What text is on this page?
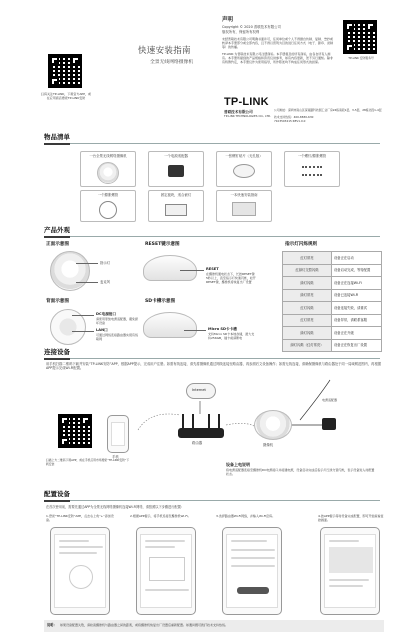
扫码关注TP-LINK，下载官方APP，或在应用商店搜索TP-LINK安防
快速安装指南
全景无线网络摄像机
声明
Copyright © 2020 普联技术有限公司
版权所有，保留所有权利
未经普联技术有限公司明确书面许可，任何单位或个人不得擅自仿制、复制、誊抄或转译本手册部分或全部内容，且不得以营利为目的进行任何方式（电子、影印、录制等）的传播。
TP-LINK 为普联技术有限公司注册商标。本手册提及的所有商标，由各自所有人拥有。本手册所提到的产品规格和资讯仅供参考，如有内容更新，恕不另行通知。除非有特殊约定，本手册仅作为使用指导，所作陈述均不构成任何形式的担保。
TP-LINK 安防服务号
TP-LINK
普联技术有限公司
TP-LINK TECHNOLOGIES CO., LTD.
公司地址：深圳市南山区深南路科技园工业厂房24栋南段1层、3-5层、28栋北段1-4层
技术支持热线：400-8830-630
7103503215 REV1.0.0
物品清单
一台全景无线网络摄像机	一个电源适配器	一张螺钉贴片（无孔版）	一个螺钉/膨胀螺管
一个膨胀螺管	固定板块，适合嵌灯	一本快速安装指南
产品外观
正面示意图
指示灯
麦克风
RESET键示意图
RESET
在摄像机通电状态下，长按RESET键5秒以上，直至指示灯快速闪烁，松开RESET键，摄像机将恢复出厂设置
背面示意图
DC电源接口
请使用原装电源适配器，避免损坏设备
LAN口
可通过网线连接路由器实现有线联网
SD卡槽示意图
Micro SD卡卡槽
支持Micro SD卡本地存储，最大支持256GB，插卡前请断电
指示灯闪烁规则
红灯常亮	设备正在启动
红绿灯交替闪烁	设备启动完成，等待配置
绿灯闪烁	设备正在连接Wi-Fi
绿灯常亮	设备已连接Wi-Fi
红灯闪烁	设备连接失败，请重试
红灯常亮	设备异常，请联系客服
绿灯闪烁	设备正在升级
绿灯闪烁（红灯常亮）	设备正在恢复出厂设置
连接设备
用手机扫描二维码下载并安装“TP-LINK安防”APP，根据APP提示，完成用户注册。如需有线连接，请先将摄像机通过网线连接至路由器，再参照后文设备操作；如需无线连接，请确保摄像机与路由器处于同一局域网范围内，再根据APP提示完成Wi-Fi配置。
手机
扫描上方二维码下载APP，或在手机应用市场搜索“TP-LINK安防”下载安装
Internet
路由器	摄像机
电源适配器
设备上电说明
将电源适配器连接至摄像机DC电源接口并接通电源，设备启动完成后指示灯红绿交替闪烁，表示设备进入待配置状态。
配置设备
在首次使用前，需要先通过APP为全景无线网络摄像机连接Wi-Fi网络，请按照以下步骤进行配置：
1.登录“TP-LINK安防”APP，点击右上角“+”添加设备。
2.根据APP提示，将手机连接至摄像机Wi-Fi。	3.选择路由器Wi-Fi网络，并输入Wi-Fi密码。	4.按APP提示等待设备完成配置，即可开始查看监控画面。
说明： 如果设备配置失败，请检查摄像机与路由器之间的距离，或将摄像机恢复出厂设置后重新配置。如遇问题可拨打技术支持热线。
